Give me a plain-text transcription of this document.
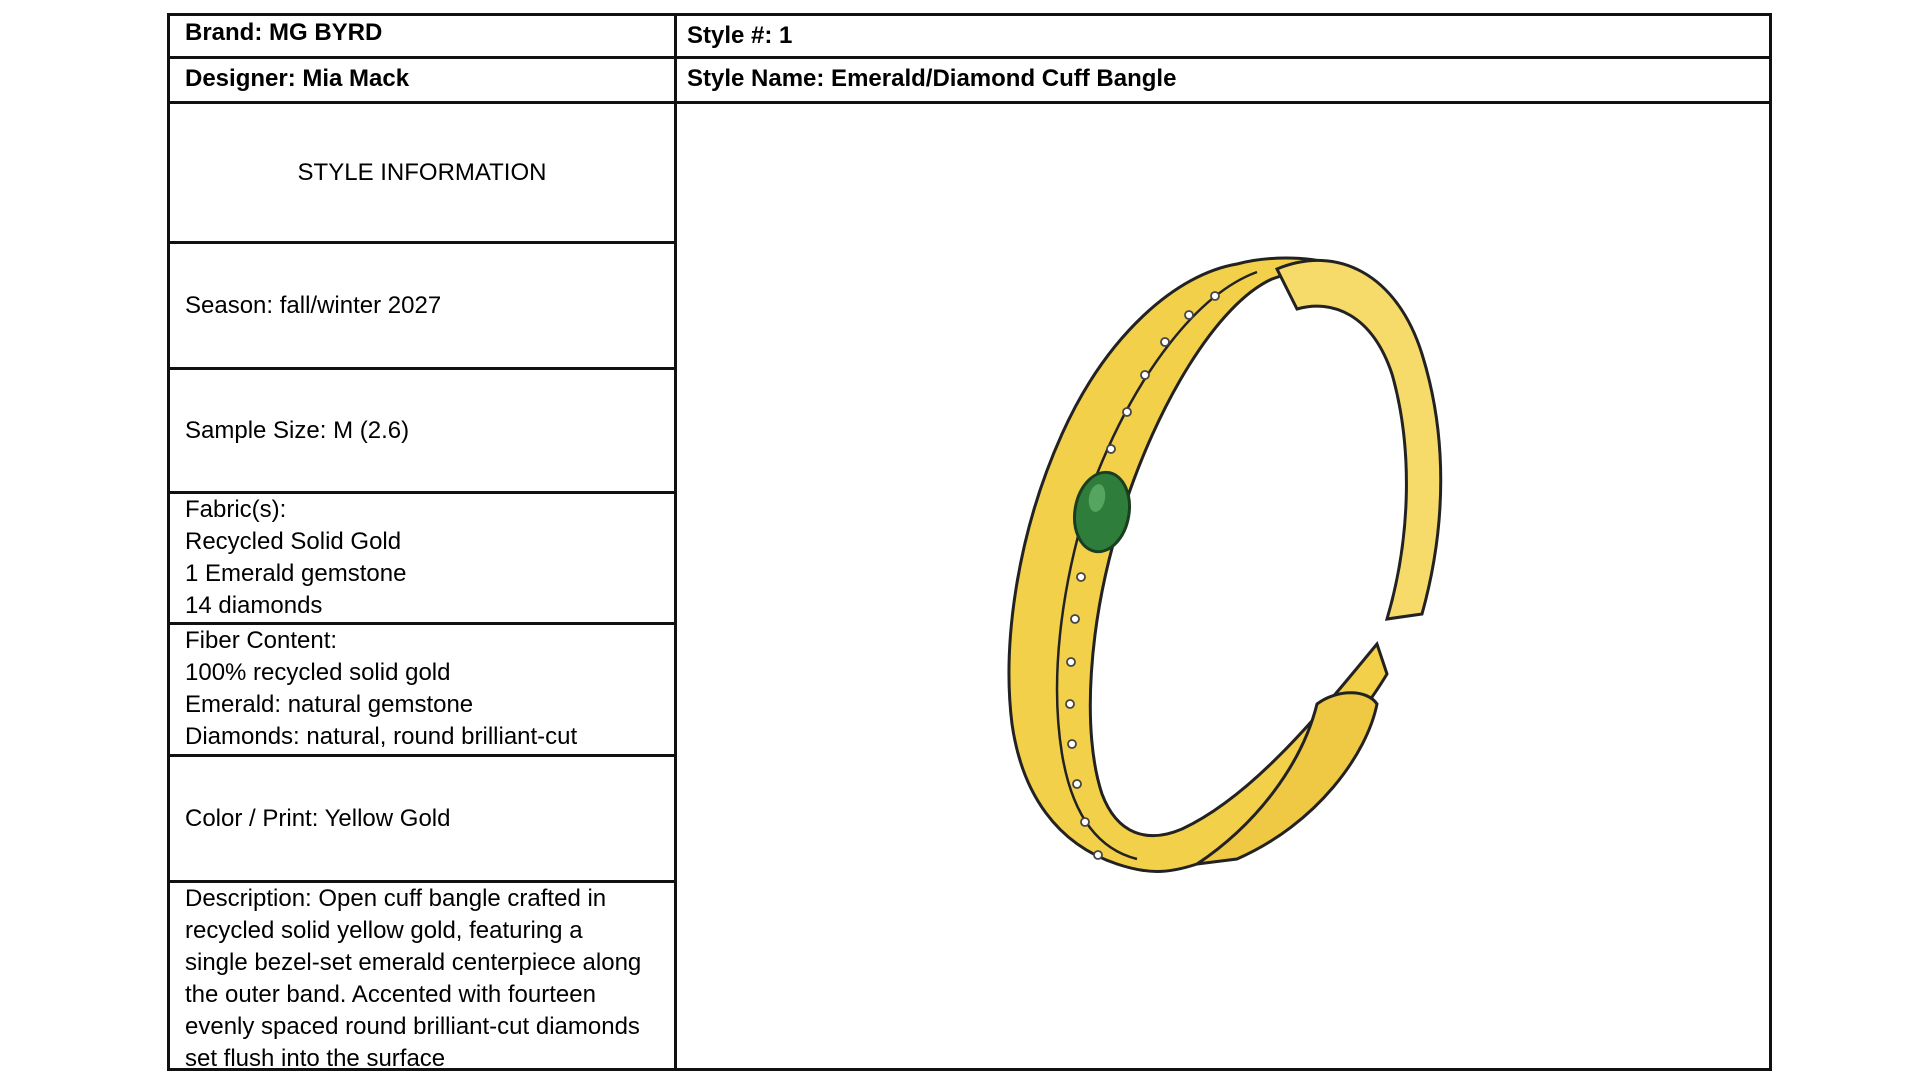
Brand: MG BYRD
Designer: Mia Mack
STYLE INFORMATION
Season: fall/winter 2027
Sample Size: M (2.6)
Fabric(s):
Recycled Solid Gold
1 Emerald gemstone
14 diamonds
Fiber Content:
100% recycled solid gold
Emerald: natural gemstone
Diamonds: natural, round brilliant-cut
Color / Print: Yellow Gold
Description: Open cuff bangle crafted in
recycled solid yellow gold, featuring a
single bezel-set emerald centerpiece along
the outer band. Accented with fourteen
evenly spaced round brilliant-cut diamonds
set flush into the surface
Style #: 1
Style Name: Emerald/Diamond Cuff Bangle
